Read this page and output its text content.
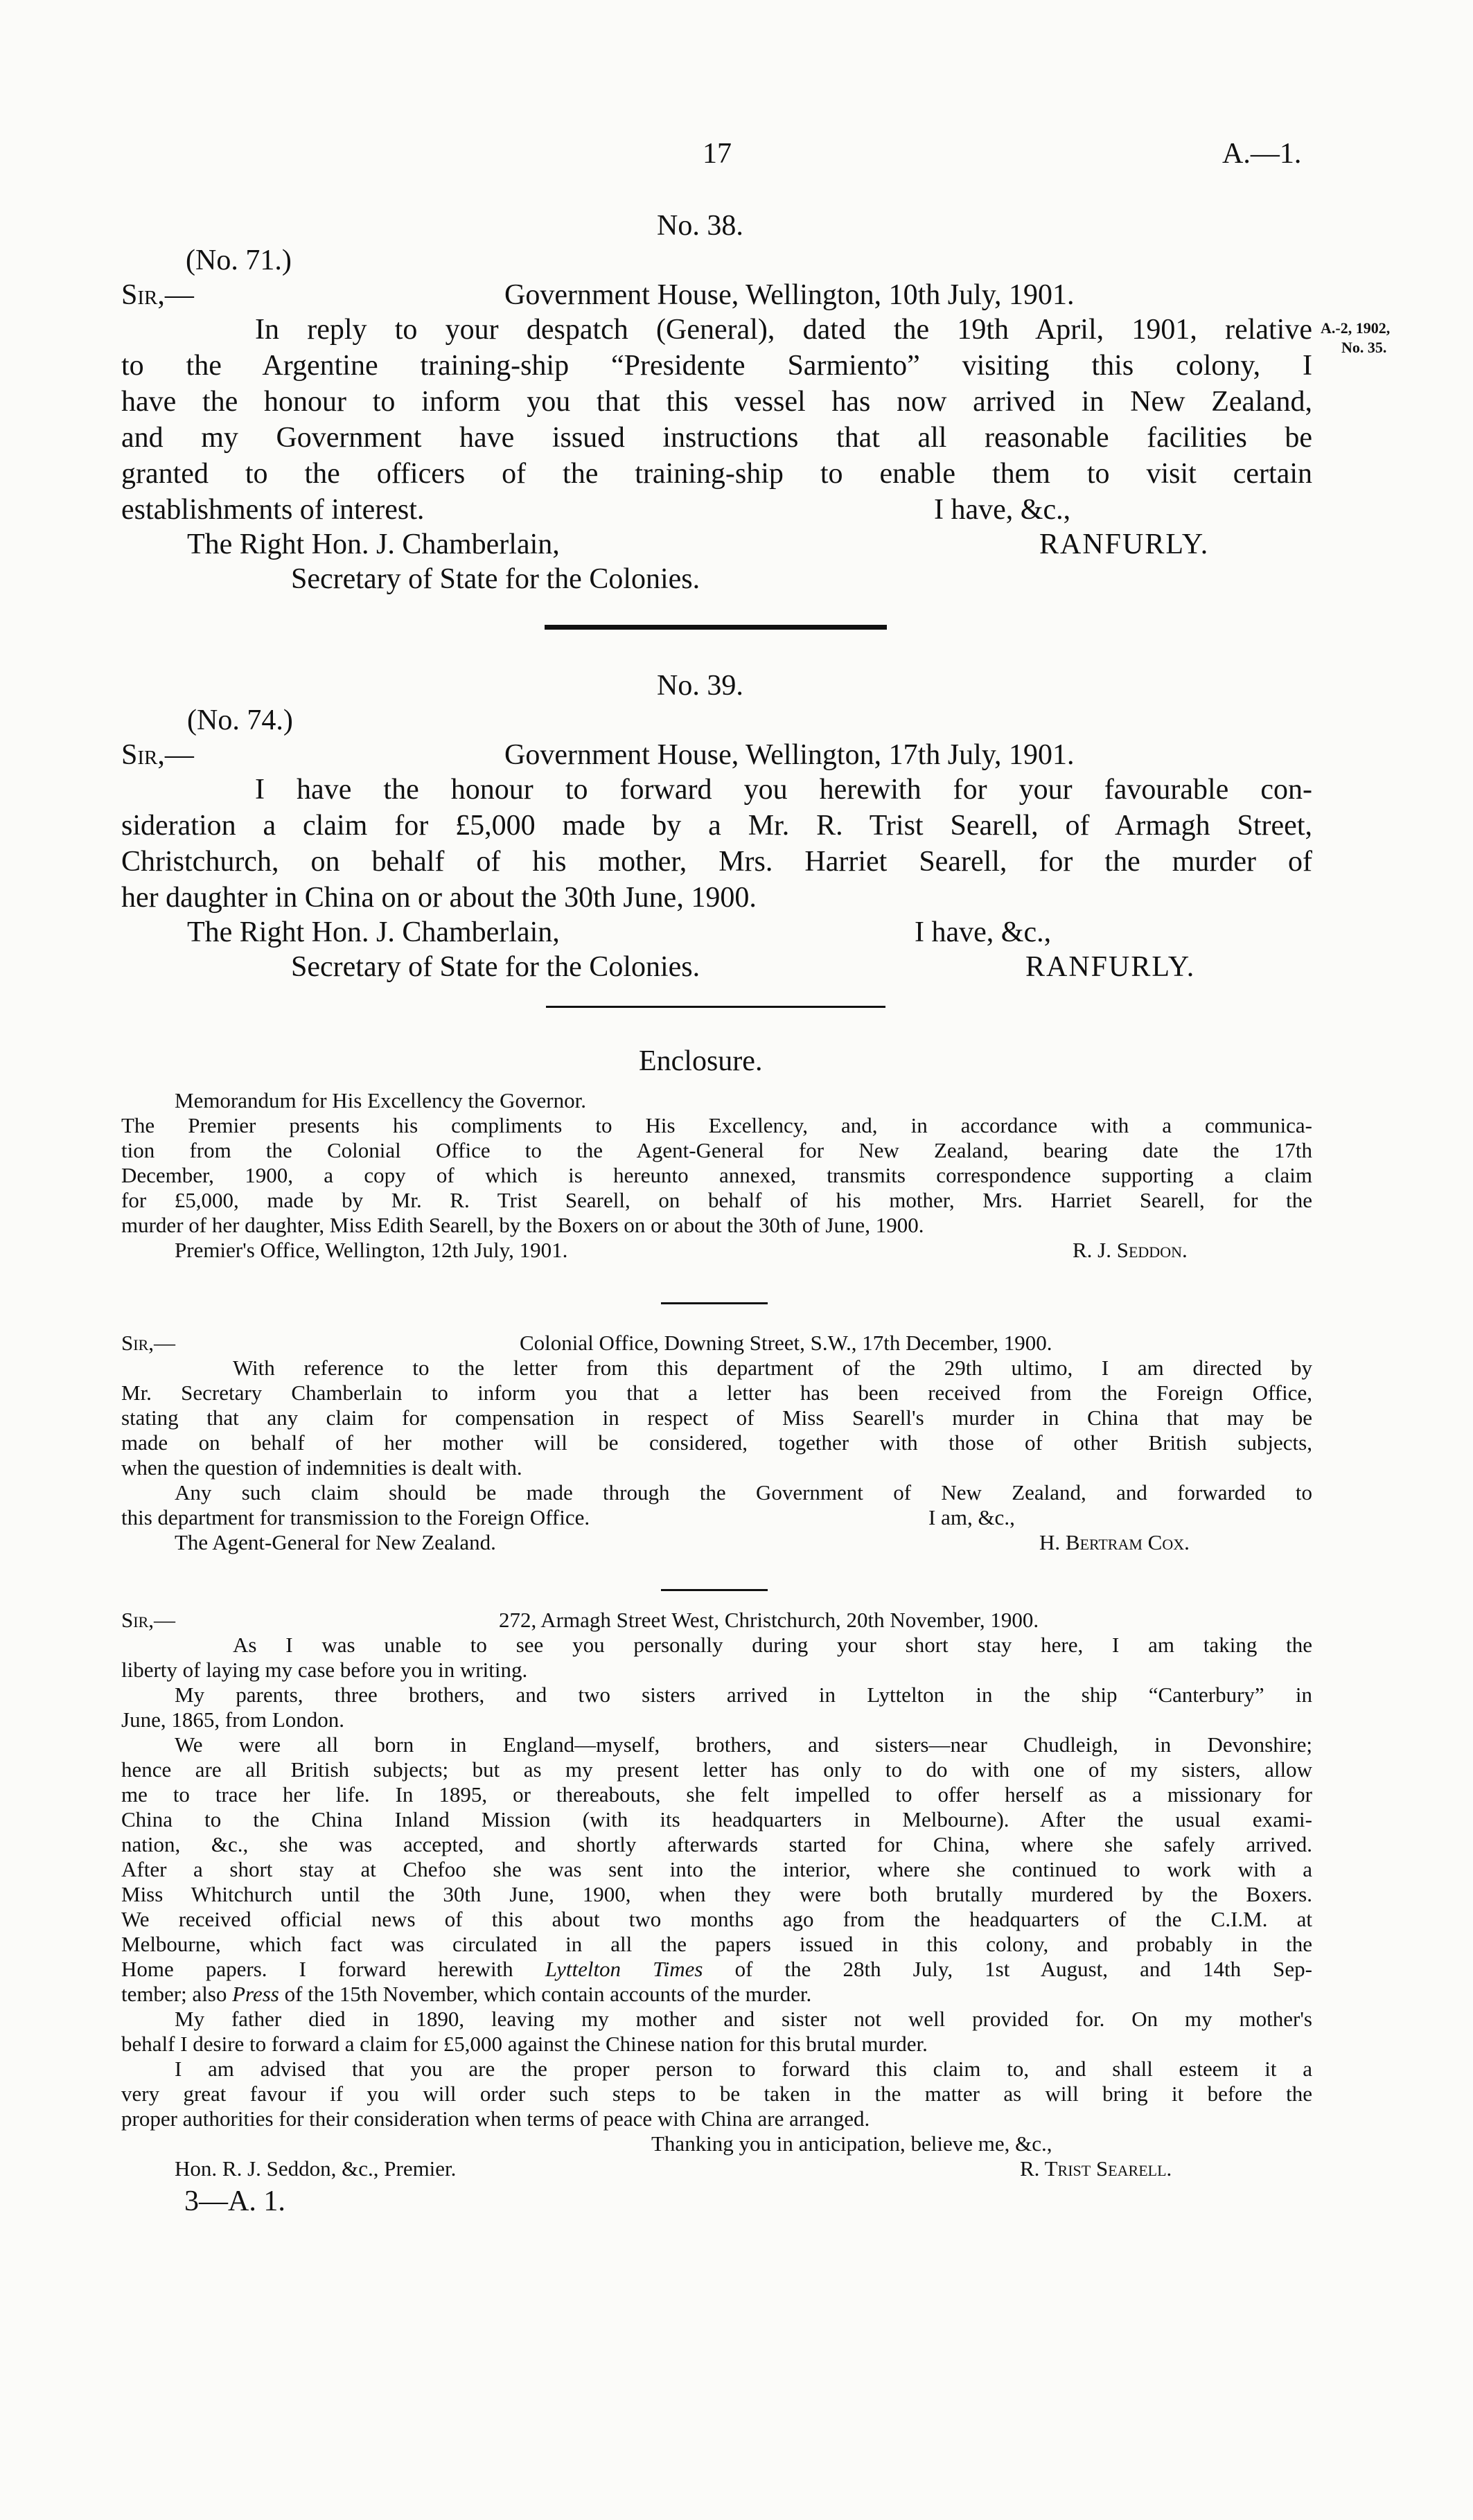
17	A.—1.
No. 38.
(No. 71.)
Sir,—	Government House, Wellington, 10th July, 1901.
A.-2, 1902,
No. 35.
In reply to your despatch (General), dated the 19th April, 1901, relative
to the Argentine training-ship “Presidente Sarmiento” visiting this colony, I
have the honour to inform you that this vessel has now arrived in New Zealand,
and my Government have issued instructions that all reasonable facilities be
granted to the officers of the training-ship to enable them to visit certain
establishments of interest.	I have, &c.,
The Right Hon. J. Chamberlain,	RANFURLY.
Secretary of State for the Colonies.
No. 39.
(No. 74.)
Sir,—	Government House, Wellington, 17th July, 1901.
I have the honour to forward you herewith for your favourable con-
sideration a claim for £5,000 made by a Mr. R. Trist Searell, of Armagh Street,
Christchurch, on behalf of his mother, Mrs. Harriet Searell, for the murder of
her daughter in China on or about the 30th June, 1900.
The Right Hon. J. Chamberlain,	I have, &c.,
Secretary of State for the Colonies.	RANFURLY.
Enclosure.
Memorandum for His Excellency the Governor.
The Premier presents his compliments to His Excellency, and, in accordance with a communica-
tion from the Colonial Office to the Agent-General for New Zealand, bearing date the 17th
December, 1900, a copy of which is hereunto annexed, transmits correspondence supporting a claim
for £5,000, made by Mr. R. Trist Searell, on behalf of his mother, Mrs. Harriet Searell, for the
murder of her daughter, Miss Edith Searell, by the Boxers on or about the 30th of June, 1900.
Premier's Office, Wellington, 12th July, 1901.	R. J. Seddon.
Sir,—	Colonial Office, Downing Street, S.W., 17th December, 1900.
With reference to the letter from this department of the 29th ultimo, I am directed by
Mr. Secretary Chamberlain to inform you that a letter has been received from the Foreign Office,
stating that any claim for compensation in respect of Miss Searell's murder in China that may be
made on behalf of her mother will be considered, together with those of other British subjects,
when the question of indemnities is dealt with.
Any such claim should be made through the Government of New Zealand, and forwarded to
this department for transmission to the Foreign Office.	I am, &c.,
The Agent-General for New Zealand.	H. Bertram Cox.
Sir,—	272, Armagh Street West, Christchurch, 20th November, 1900.
As I was unable to see you personally during your short stay here, I am taking the
liberty of laying my case before you in writing.
My parents, three brothers, and two sisters arrived in Lyttelton in the ship “Canterbury” in
June, 1865, from London.
We were all born in England—myself, brothers, and sisters—near Chudleigh, in Devonshire;
hence are all British subjects; but as my present letter has only to do with one of my sisters, allow
me to trace her life. In 1895, or thereabouts, she felt impelled to offer herself as a missionary for
China to the China Inland Mission (with its headquarters in Melbourne). After the usual exami-
nation, &c., she was accepted, and shortly afterwards started for China, where she safely arrived.
After a short stay at Chefoo she was sent into the interior, where she continued to work with a
Miss Whitchurch until the 30th June, 1900, when they were both brutally murdered by the Boxers.
We received official news of this about two months ago from the headquarters of the C.I.M. at
Melbourne, which fact was circulated in all the papers issued in this colony, and probably in the
Home papers. I forward herewith Lyttelton Times of the 28th July, 1st August, and 14th Sep-
tember; also Press of the 15th November, which contain accounts of the murder.
My father died in 1890, leaving my mother and sister not well provided for. On my mother's
behalf I desire to forward a claim for £5,000 against the Chinese nation for this brutal murder.
I am advised that you are the proper person to forward this claim to, and shall esteem it a
very great favour if you will order such steps to be taken in the matter as will bring it before the
proper authorities for their consideration when terms of peace with China are arranged.
Thanking you in anticipation, believe me, &c.,
Hon. R. J. Seddon, &c., Premier.	R. Trist Searell.
3—A. 1.
